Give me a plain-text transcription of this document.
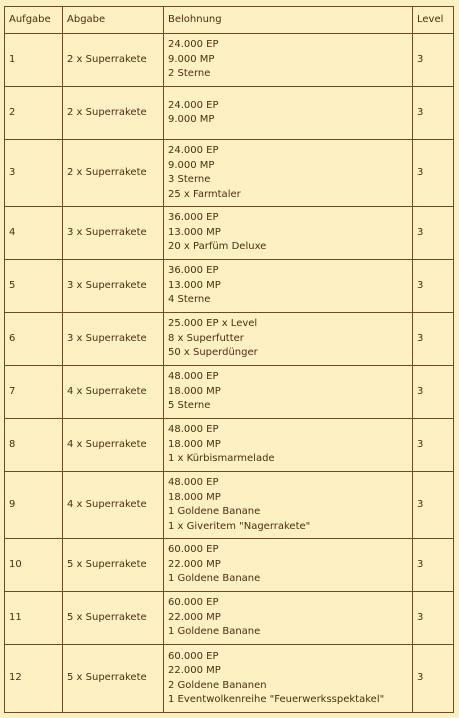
Aufgabe	Abgabe	Belohnung	Level
1	2 x Superrakete	24.000 EP
9.000 MP
2 Sterne	3
2	2 x Superrakete	24.000 EP
9.000 MP	3
3	2 x Superrakete	24.000 EP
9.000 MP
3 Sterne
25 x Farmtaler	3
4	3 x Superrakete	36.000 EP
13.000 MP
20 x Parfüm Deluxe	3
5	3 x Superrakete	36.000 EP
13.000 MP
4 Sterne	3
6	3 x Superrakete	25.000 EP x Level
8 x Superfutter
50 x Superdünger	3
7	4 x Superrakete	48.000 EP
18.000 MP
5 Sterne	3
8	4 x Superrakete	48.000 EP
18.000 MP
1 x Kürbismarmelade	3
9	4 x Superrakete	48.000 EP
18.000 MP
1 Goldene Banane
1 x Giveritem "Nagerrakete"	3
10	5 x Superrakete	60.000 EP
22.000 MP
1 Goldene Banane	3
11	5 x Superrakete	60.000 EP
22.000 MP
1 Goldene Banane	3
12	5 x Superrakete	60.000 EP
22.000 MP
2 Goldene Bananen
1 Eventwolkenreihe "Feuerwerksspektakel"	3
